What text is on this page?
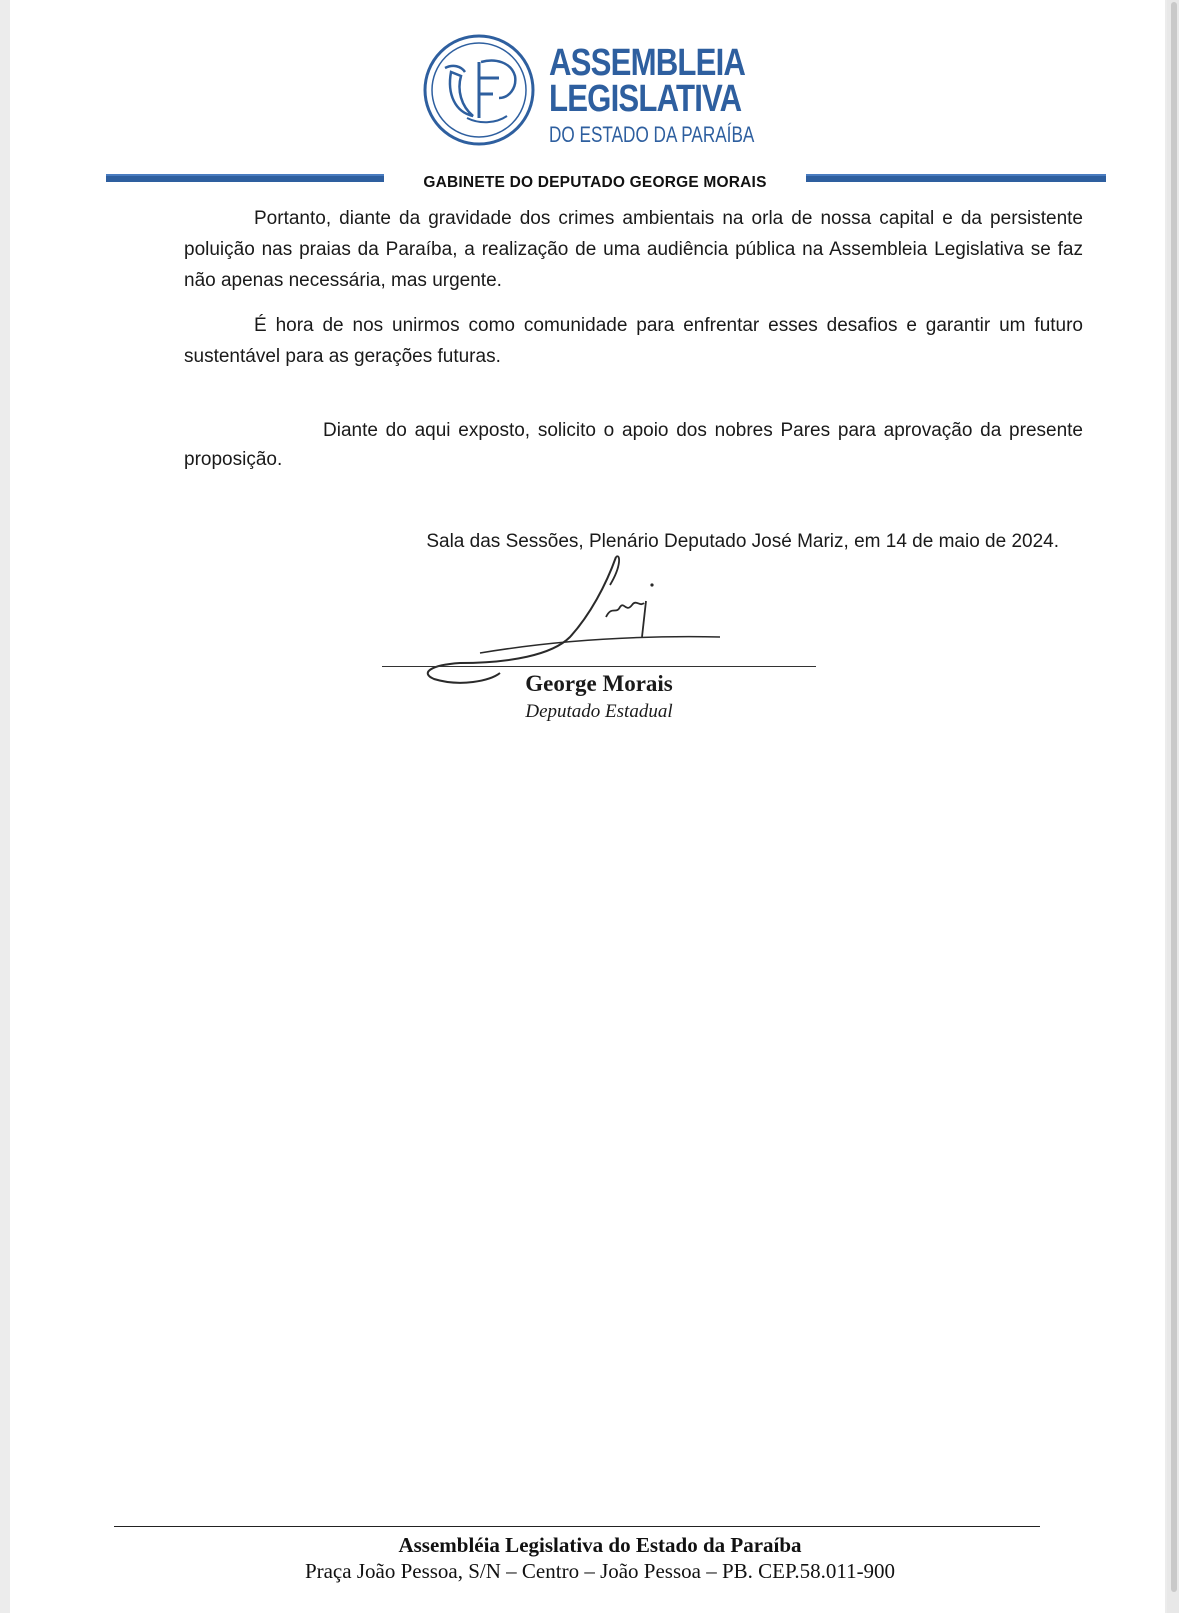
ASSEMBLEIA
LEGISLATIVA
DO ESTADO DA PARAÍBA
GABINETE DO DEPUTADO GEORGE MORAIS

Portanto, diante da gravidade dos crimes ambientais na orla de nossa capital e da persistente poluição nas praias da Paraíba, a realização de uma audiência pública na Assembleia Legislativa se faz não apenas necessária, mas urgente.

É hora de nos unirmos como comunidade para enfrentar esses desafios e garantir um futuro sustentável para as gerações futuras.

Diante do aqui exposto, solicito o apoio dos nobres Pares para aprovação da presente proposição.

Sala das Sessões, Plenário Deputado José Mariz, em 14 de maio de 2024.
George Morais
Deputado Estadual
Assembléia Legislativa do Estado da Paraíba
Praça João Pessoa, S/N – Centro – João Pessoa – PB. CEP.58.011-900
